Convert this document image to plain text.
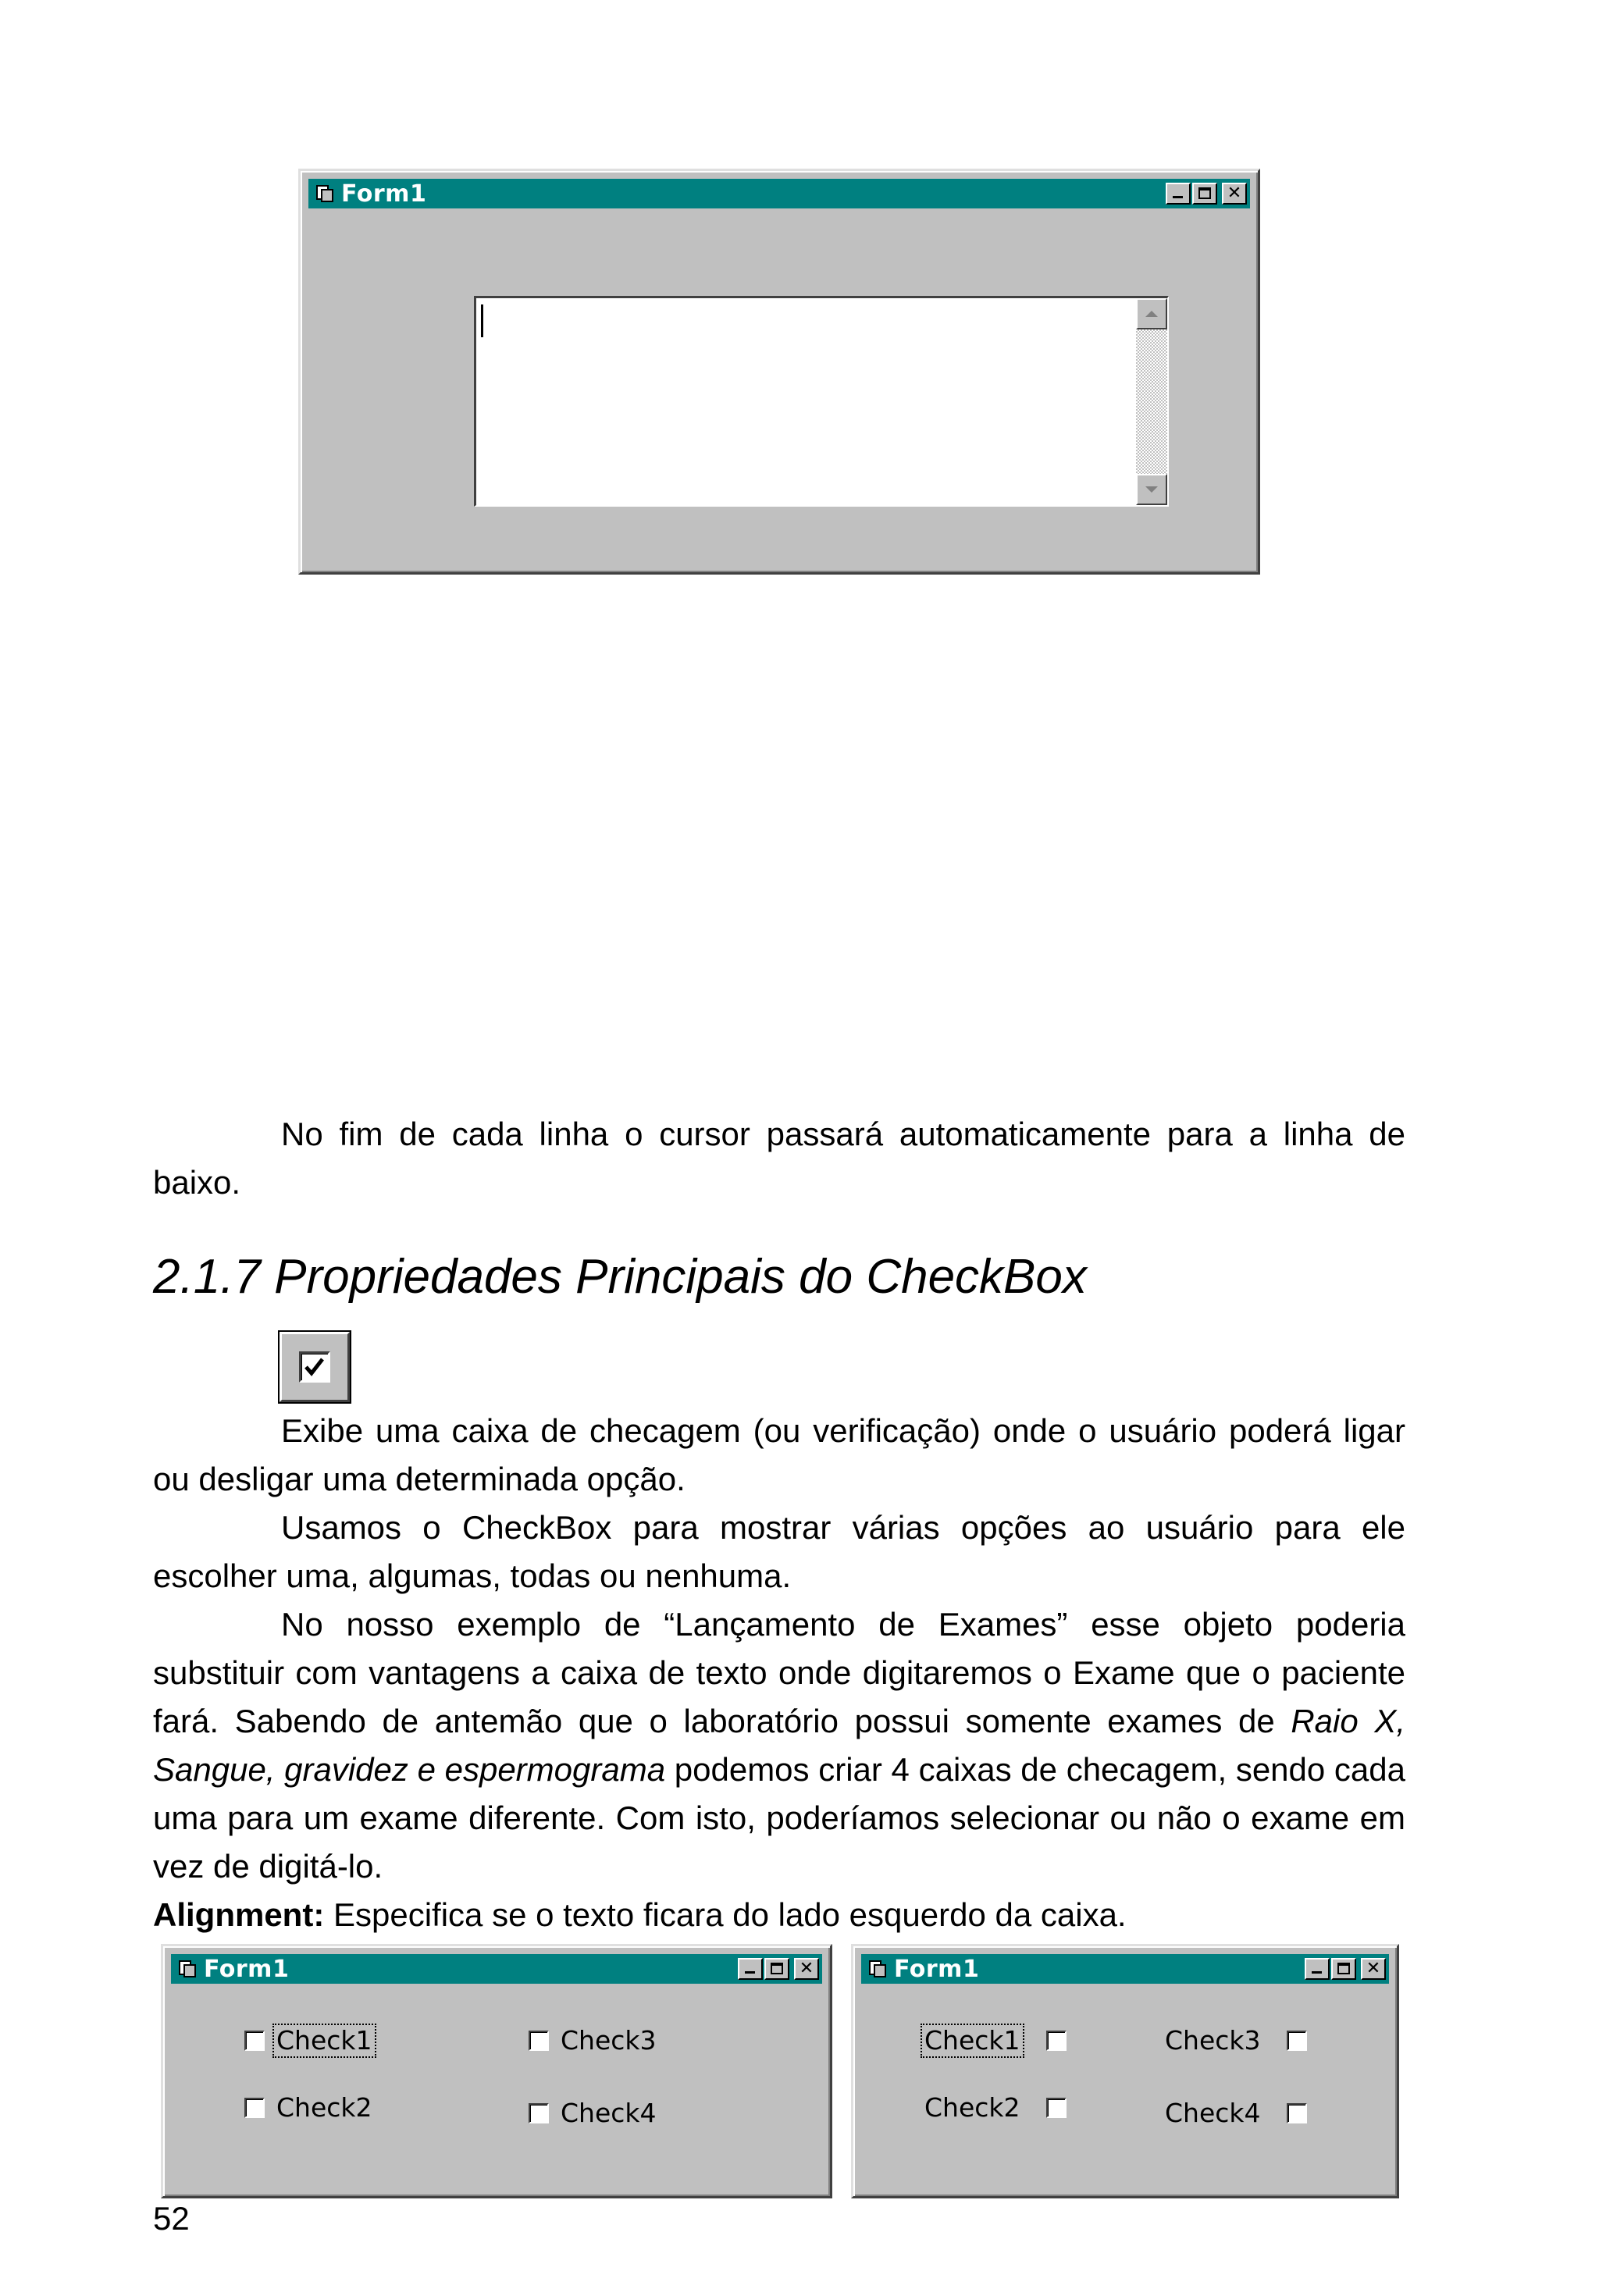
Form1	✕

No fim de cada linha o cursor passará automaticamente para a linha de baixo.

2.1.7 Propriedades Principais do CheckBox

Exibe uma caixa de checagem (ou verificação) onde o usuário poderá ligar ou desligar uma determinada opção.

Usamos o CheckBox para mostrar várias opções ao usuário para ele escolher uma, algumas, todas ou nenhuma.

No nosso exemplo de “Lançamento de Exames” esse objeto poderia substituir com vantagens a caixa de texto onde digitaremos o Exame que o paciente fará. Sabendo de antemão que o laboratório possui somente exames de Raio X, Sangue, gravidez e espermograma podemos criar 4 caixas de checagem, sendo cada uma para um exame diferente. Com isto, poderíamos selecionar ou não o exame em vez de digitá-lo.

Alignment: Especifica se o texto ficara do lado esquerdo da caixa.

Form1	✕
Check1
Check2
Check3
Check4
Form1	✕
Check1
Check2
Check3
Check4
52
